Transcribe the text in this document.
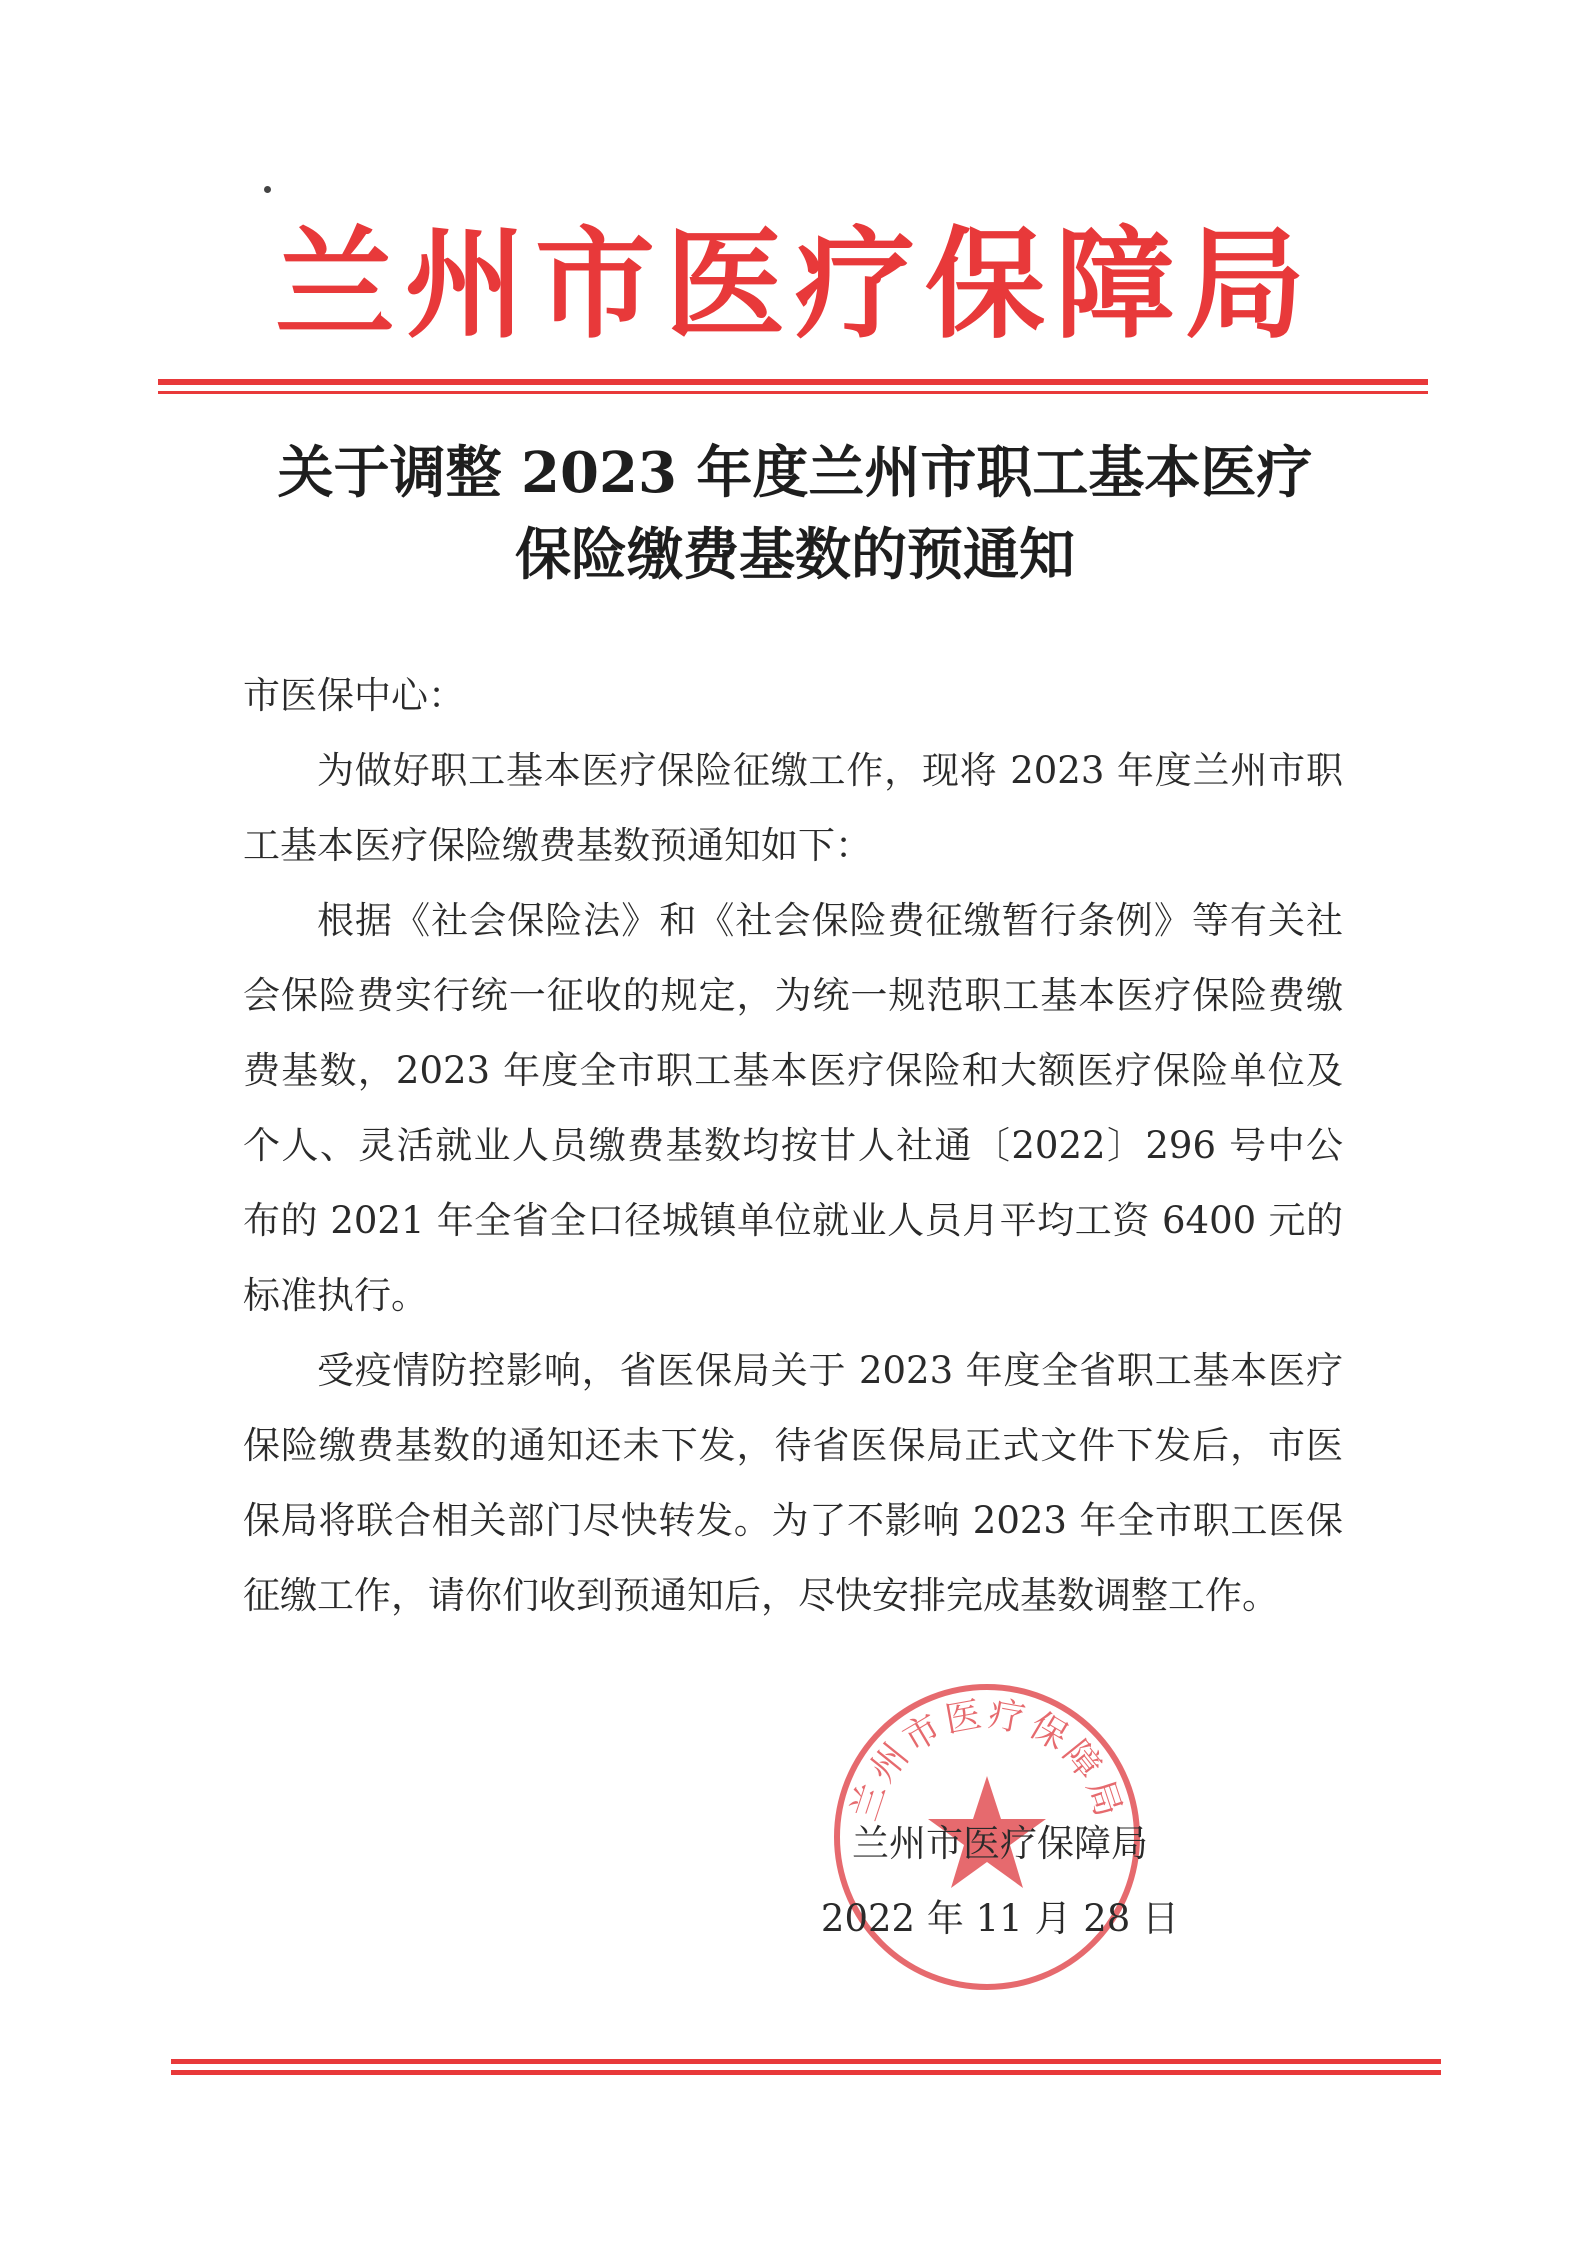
兰州市医疗保障局
关于调整 2023 年度兰州市职工基本医疗
保险缴费基数的预通知

市医保中心：

为做好职工基本医疗保险征缴工作，现将 2023 年度兰州市职工基本医疗保险缴费基数预通知如下：

根据《社会保险法》和《社会保险费征缴暂行条例》等有关社会保险费实行统一征收的规定，为统一规范职工基本医疗保险费缴费基数，2023 年度全市职工基本医疗保险和大额医疗保险单位及个人、灵活就业人员缴费基数均按甘人社通〔2022〕296 号中公布的 2021 年全省全口径城镇单位就业人员月平均工资 6400 元的标准执行。

受疫情防控影响，省医保局关于 2023 年度全省职工基本医疗保险缴费基数的通知还未下发，待省医保局正式文件下发后，市医保局将联合相关部门尽快转发。为了不影响 2023 年全市职工医保征缴工作，请你们收到预通知后，尽快安排完成基数调整工作。

兰州市医疗保障局
兰州市医疗保障局
2022 年 11 月 28 日
